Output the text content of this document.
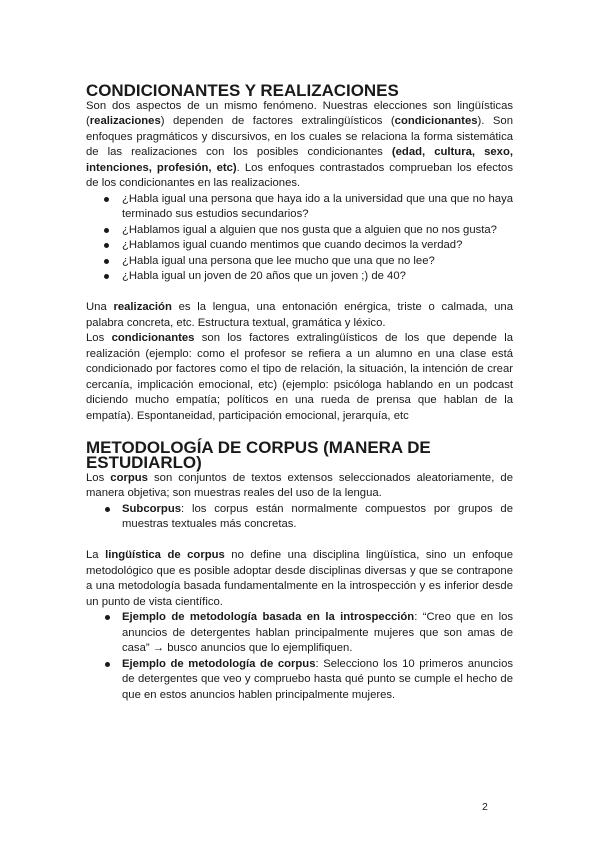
CONDICIONANTES Y REALIZACIONES

Son dos aspectos de un mismo fenómeno. Nuestras elecciones son lingüísticas (realizaciones) dependen de factores extralingüísticos (condicionantes). Son enfoques pragmáticos y discursivos, en los cuales se relaciona la forma sistemática de las realizaciones con los posibles condicionantes (edad, cultura, sexo, intenciones, profesión, etc). Los enfoques contrastados comprueban los efectos de los condicionantes en las realizaciones.

¿Habla igual una persona que haya ido a la universidad que una que no haya terminado sus estudios secundarios?
¿Hablamos igual a alguien que nos gusta que a alguien que no nos gusta?
¿Hablamos igual cuando mentimos que cuando decimos la verdad?
¿Habla igual una persona que lee mucho que una que no lee?
¿Habla igual un joven de 20 años que un joven ;) de 40?

Una realización es la lengua, una entonación enérgica, triste o calmada, una palabra concreta, etc. Estructura textual, gramática y léxico.

Los condicionantes son los factores extralingüísticos de los que depende la realización (ejemplo: como el profesor se refiera a un alumno en una clase está condicionado por factores como el tipo de relación, la situación, la intención de crear cercanía, implicación emocional, etc) (ejemplo: psicóloga hablando en un podcast diciendo mucho empatía; políticos en una rueda de prensa que hablan de la empatía). Espontaneidad, participación emocional, jerarquía, etc

METODOLOGÍA DE CORPUS (MANERA DE ESTUDIARLO)

Los corpus son conjuntos de textos extensos seleccionados aleatoriamente, de manera objetiva; son muestras reales del uso de la lengua.

Subcorpus: los corpus están normalmente compuestos por grupos de muestras textuales más concretas.

La lingüística de corpus no define una disciplina lingüística, sino un enfoque metodológico que es posible adoptar desde disciplinas diversas y que se contrapone a una metodología basada fundamentalmente en la introspección y es inferior desde un punto de vista científico.

Ejemplo de metodología basada en la introspección: “Creo que en los anuncios de detergentes hablan principalmente mujeres que son amas de casa” → busco anuncios que lo ejemplifiquen.
Ejemplo de metodología de corpus: Selecciono los 10 primeros anuncios de detergentes que veo y compruebo hasta qué punto se cumple el hecho de que en estos anuncios hablen principalmente mujeres.
2
